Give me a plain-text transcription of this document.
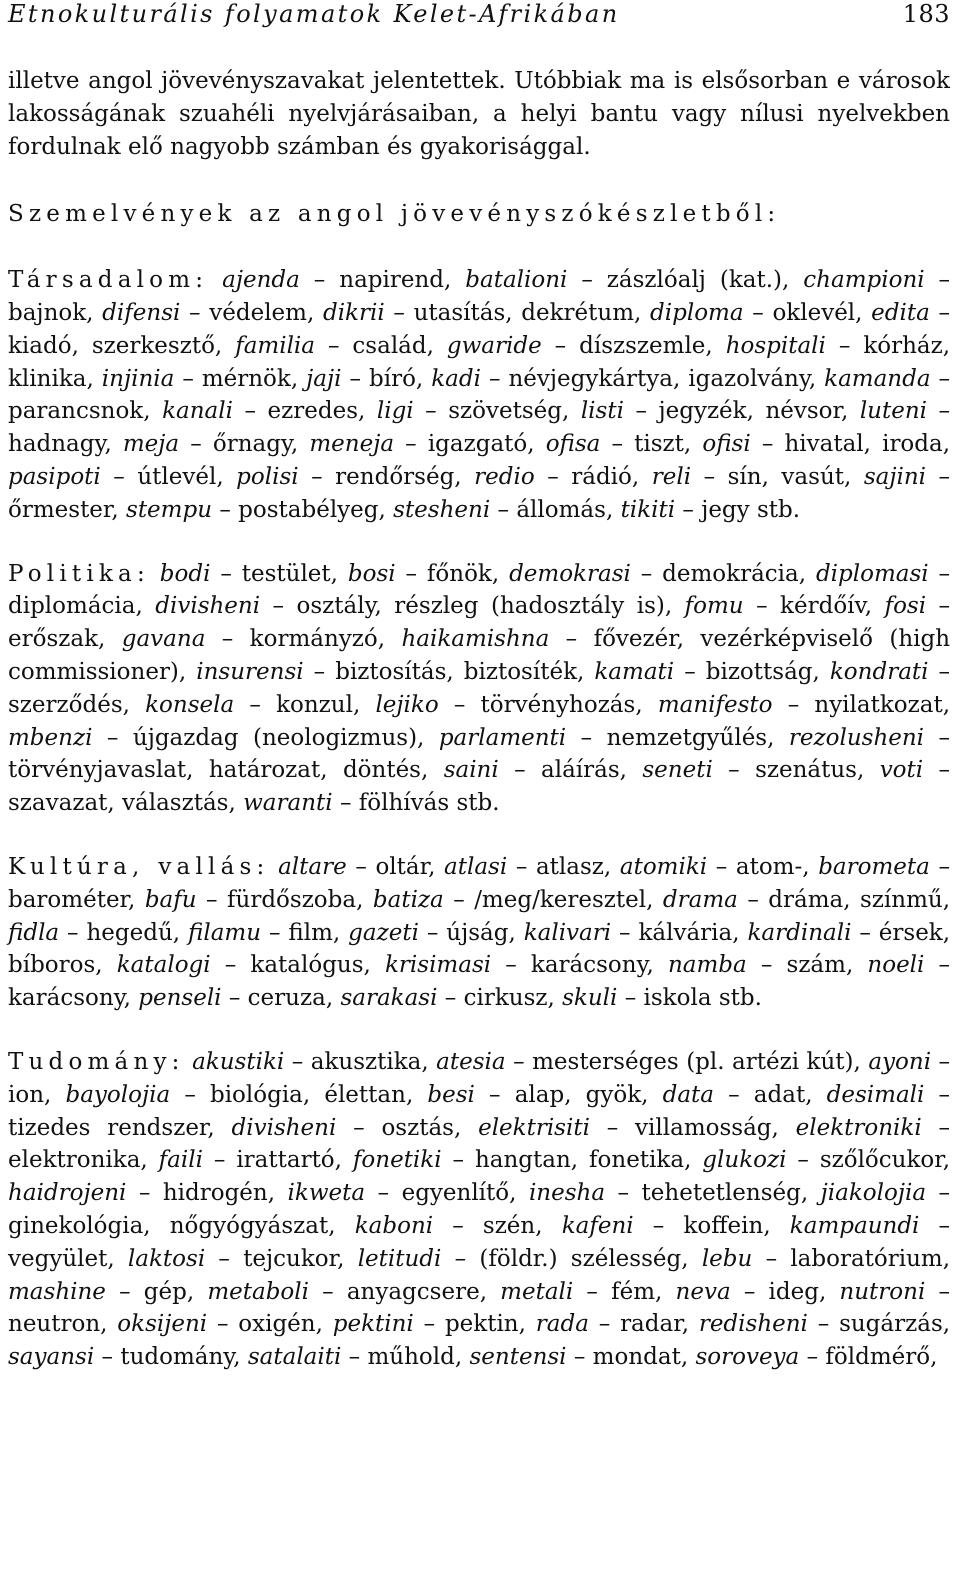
Etnokulturális folyamatok Kelet-Afrikában	183

illetve angol jövevényszavakat jelentettek. Utóbbiak ma is elsősorban e városok lakosságának szuahéli nyelvjárásaiban, a helyi bantu vagy nílusi nyelvekben fordulnak elő nagyobb számban és gyakorisággal.

Szemelvények az angol jövevényszókészletből:

Társadalom: ajenda – napirend, batalioni – zászlóalj (kat.), championi – bajnok, difensi – védelem, dikrii – utasítás, dekrétum, diploma – oklevél, edita – kiadó, szerkesztő, familia – család, gwaride – díszszemle, hospitali – kórház, klinika, injinia – mérnök, jaji – bíró, kadi – névjegykártya, igazolvány, kamanda – parancsnok, kanali – ezredes, ligi – szövetség, listi – jegyzék, névsor, luteni – hadnagy, meja – őrnagy, meneja – igazgató, ofisa – tiszt, ofisi – hivatal, iroda, pasipoti – útlevél, polisi – rendőrség, redio – rádió, reli – sín, vasút, sajini – őrmester, stempu – postabélyeg, stesheni – állomás, tikiti – jegy stb.

Politika: bodi – testület, bosi – főnök, demokrasi – demokrácia, diplomasi – diplomácia, divisheni – osztály, részleg (hadosztály is), fomu – kérdőív, fosi – erőszak, gavana – kormányzó, haikamishna – fővezér, vezérképviselő (high commissioner), insurensi – biztosítás, biztosíték, kamati – bizottság, kondrati – szerződés, konsela – konzul, lejiko – törvényhozás, manifesto – nyilatkozat, mbenzi – újgazdag (neologizmus), parlamenti – nemzetgyűlés, rezolusheni – törvényjavaslat, határozat, döntés, saini – aláírás, seneti – szenátus, voti – szavazat, választás, waranti – fölhívás stb.

Kultúra, vallás: altare – oltár, atlasi – atlasz, atomiki – atom-, barometa – barométer, bafu – fürdőszoba, batiza – /meg/keresztel, drama – dráma, színmű, fidla – hegedű, filamu – film, gazeti – újság, kalivari – kálvária, kardinali – érsek, bíboros, katalogi – katalógus, krisimasi – karácsony, namba – szám, noeli – karácsony, penseli – ceruza, sarakasi – cirkusz, skuli – iskola stb.

Tudomány: akustiki – akusztika, atesia – mesterséges (pl. artézi kút), ayoni – ion, bayolojia – biológia, élettan, besi – alap, gyök, data – adat, desimali – tizedes rendszer, divisheni – osztás, elektrisiti – villamosság, elektroniki – elektronika, faili – irattartó, fonetiki – hangtan, fonetika, glukozi – szőlőcukor, haidrojeni – hidrogén, ikweta – egyenlítő, inesha – tehetetlenség, jiakolojia – ginekológia, nőgyógyászat, kaboni – szén, kafeni – koffein, kampaundi – vegyület, laktosi – tejcukor, letitudi – (földr.) szélesség, lebu – laboratórium, mashine – gép, metaboli – anyagcsere, metali – fém, neva – ideg, nutroni – neutron, oksijeni – oxigén, pektini – pektin, rada – radar, redisheni – sugárzás, sayansi – tudomány, satalaiti – műhold, sentensi – mondat, soroveya – földmérő,
